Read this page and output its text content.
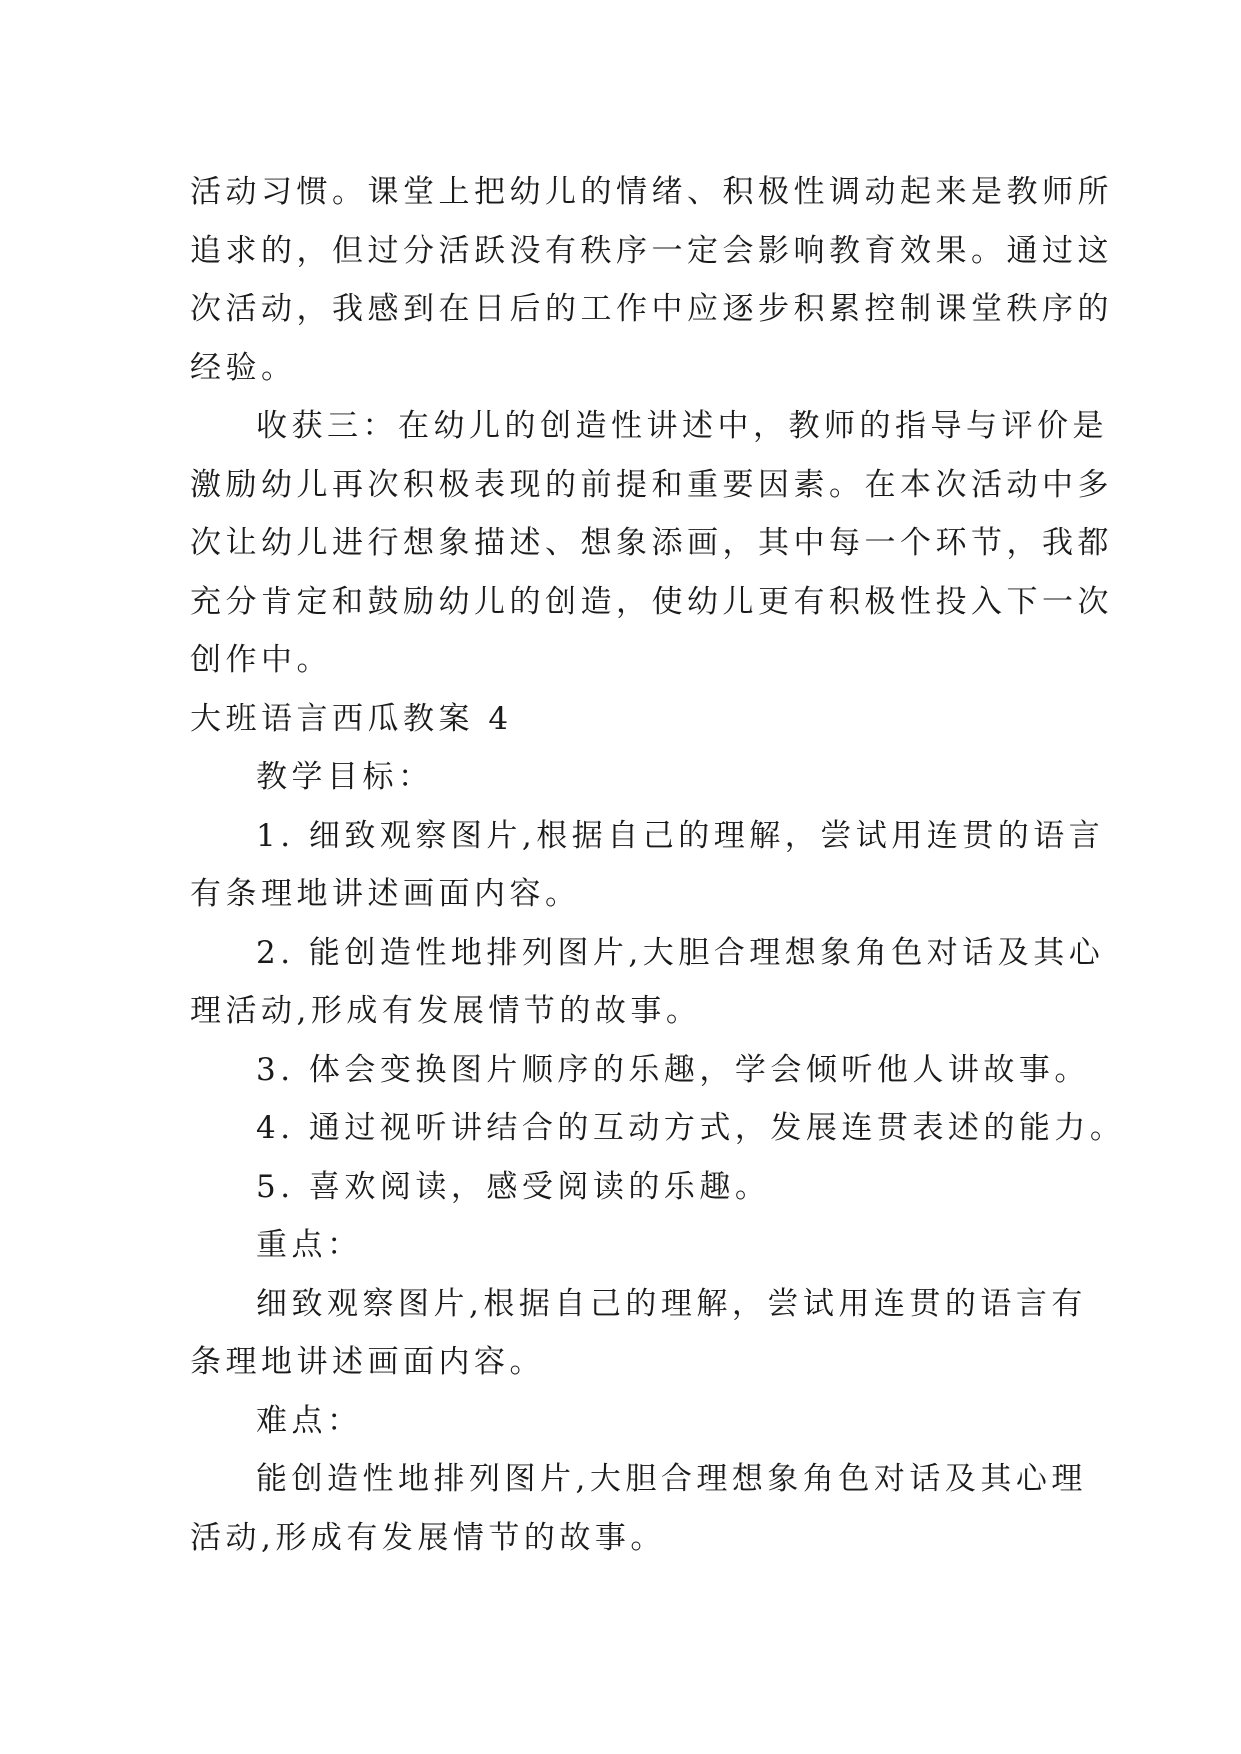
活动习惯。课堂上把幼儿的情绪、积极性调动起来是教师所
追求的，但过分活跃没有秩序一定会影响教育效果。通过这
次活动，我感到在日后的工作中应逐步积累控制课堂秩序的
经验。
收获三：在幼儿的创造性讲述中，教师的指导与评价是
激励幼儿再次积极表现的前提和重要因素。在本次活动中多
次让幼儿进行想象描述、想象添画，其中每一个环节，我都
充分肯定和鼓励幼儿的创造，使幼儿更有积极性投入下一次
创作中。
大班语言西瓜教案 4
教学目标：
1. 细致观察图片,根据自己的理解，尝试用连贯的语言
有条理地讲述画面内容。
2. 能创造性地排列图片,大胆合理想象角色对话及其心
理活动,形成有发展情节的故事。
3. 体会变换图片顺序的乐趣，学会倾听他人讲故事。
4. 通过视听讲结合的互动方式，发展连贯表述的能力。
5. 喜欢阅读，感受阅读的乐趣。
重点：
细致观察图片,根据自己的理解，尝试用连贯的语言有
条理地讲述画面内容。
难点：
能创造性地排列图片,大胆合理想象角色对话及其心理
活动,形成有发展情节的故事。
